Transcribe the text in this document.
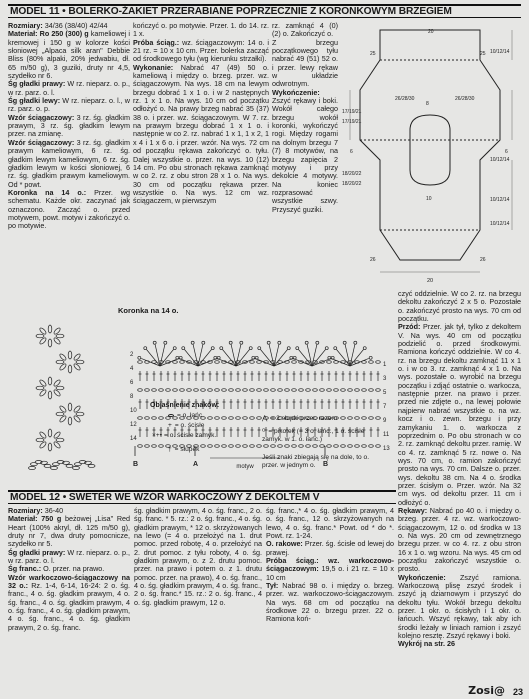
MODEL 11 • BOLERKO-ŻAKIET PRZERABIANE POPRZECZNIE Z KORONKOWYM BRZEGIEM

Rozmiary: 34/36 (38/40) 42/44

Materiał: Ro 250 (300) g kameliowej i kremowej i 150 g w kolorze kości słoniowej „Alpaca silk aran" Debbie Bliss (80% alpaki, 20% jedwabiu, dł. 65 m/50 g), 3 guziki, druty nr 4,5, szydełko nr 6.

Śg gładki prawy: W rz. nieparz. o. p., w rz. parz. o. l.

Śg gładki lewy: W rz. nieparz. o. l., w rz. parz. o. p.

Wzór ściągaczowy: 3 rz. śg. gładkim prawym, 3 rz. śg. gładkim lewym przer. na zmianę.

Wzór ściągaczowy: 3 rz. śg. gładkim prawym kameliowym, 6 rz. śg. gładkim lewym kameliowym, 6 rz. śg. gładkim lewym w kości słoniowej, 6 rz. śg. gładkim prawym kameliowym. Od * powt.

Koronka na 14 o.: Przer. wg schematu. Każde okr. zaczynać jak oznaczono. Zacząć o. przed motywem, powt. motyw i zakończyć o. po motywie.

kończyć o. po motywie. Przer. 1. do 14. rz. 1 x.

Próba ściąg.: wz. ściągaczowym: 14 o. i 21 rz. = 10 x 10 cm. Przer. bolerka zacząć od środkowego tyłu (wg kierunku strzałki).

Wykonanie: Nabrać 47 (49) 50 o. kameliową i między o. brzeg. przer. wz. ściągaczowym. Na wys. 18 cm na lewym brzegu dobrać 1 x 1 o. i w 2 następnych rz. 1 x 1 o. Na wys. 10 cm od początku odłożyć o. Na prawy brzeg nabrać 35 (37) 38 o. i przer. wz. ściągaczowym. W 7. rz. na prawym brzegu dobrać 1 x 1 o. i następnie w co 2. rz. nabrać 1 x 1, 1 x 2, 1 x 4 i 1 x 6 o. i przer. wzór. Na wys. 72 cm od początku rękawa zakończyć o. tyłu. Dalej wszystkie o. przer. na wys. 10 (12) 14 cm. Po obu stronach rękawa zamknąć w co 2. rz. z obu stron 28 x 1 o. Na wys. 30 cm od początku rękawa przer. wszystkie o. Na wys. 12 cm wz. ściągaczem, w pierwszym

rz. zamknąć 4 (0) (2) o. Zakończyć o.

Z brzegu początkowego tyłu nabrać 49 (51) 52 o. i przer. lewy rękaw w układzie odwrotnym.

Wykończenie: Zszyć rękawy i boki. Wokół całego brzegu wokół koronki, wykończyć rogi. Między rogami na dolnym brzegu 7 (7) 8 motywów, na brzegu zapięcia 2 motywy i przy dekolcie 4 motywy. Na koniec rozprasować wszystkie szwy. Przyszyć guziki.

20
10/12/14
10/12/14
10/12/14
10/12/14
17/19/21
17/19/21
18/20/22
18/20/22
25	25
26	26
26/28/30	26/28/30
6	6
8
10
20
Koronka na 14 o.
14
12
10
8
6
4
2
13
11
9
7
5
3
1
motyw
B	A	B
Objaśnienie znaków:
= o. łańc.
+ = o. ścisłe
×+• = o. ścisłe zamyk.
† = słupek
⋀ = 2 słupki przer. razem
ᴼ = pikotek (= 3 o. łańc., 1 o. ścisłe zamyk. w 1. o. łańc.)
Jeśli znaki zbiegają się na dole, to o. przer. w jednym o.

czyć oddzielnie. W co 2. rz. na brzegu dekoltu zakończyć 2 x 5 o. Pozostałe o. zakończyć prosto na wys. 70 cm od początku.

Przód: Przer. jak tył, tylko z dekoltem V. Na wys. 40 cm od początku podzielić o. przed środkowymi. Ramiona kończyć oddzielnie. W co 4. rz. na brzegu dekoltu zamknąć 11 x 1 o. i w co 3. rz. zamknąć 4 x 1 o. Na wys. pozostałe o. wyrobić na brzegu początku i zdjąć ostatnie o. warkocza, następnie przer. na prawo i przer. przed nie zdjęte o., na lewej połowie najpierw nabrać wszystkie o. na wz. kocz i o. zewn. brzegu i przy zamykaniu 1. o. warkocza z poprzednim o. Po obu stronach w co 2. rz. zamknąć dekoltu przer. ramię. W co 4. rz. zamknąć 5 rz. nowe o. Na wys. 70 cm, o. ramion zakończyć prosto na wys. 70 cm. Dalsze o. przer. wys. dekoltu 38 cm. Na 4 o. środka przer. ścisłym o. Przer. wzór. Na 32 cm wys. od dekoltu przer. 11 cm i odłożyć o.

Rękawy: Nabrać po 40 o. i między o. brzeg. przer. 4 rz. wz. warkoczowo-ściągaczowym, 12 o. od środka w 13 o. Na wys. 20 cm od zewnętrznego brzegu przer. w co 4. rz. z obu stron 16 x 1 o. wg wzoru. Na wys. 45 cm od początku zakończyć wszystkie o. prosto.

Wykończenie: Zszyć ramiona. Warkoczową plisę zszyć środek i zszyć ją dziarnowym i przyszyć do dekoltu tyłu. Wokół brzegu dekoltu przer. 1 okr. o. ścisłych i 1 okr. o. łańcuch. Wszyć rękawy, tak aby ich środki leżały w liniach ramion i zszyć kolejno resztę. Zszyć rękawy i boki.

Wykrój na str. 26

MODEL 12 • SWETER WE WZÓR WARKOCZOWY Z DEKOLTEM V

Rozmiary: 36-40

Materiał: 750 g beżowej „Lisa" Red Heart (100% akryl, dł. 125 m/50 g), druty nr 7, dwa druty pomocnicze, szydełko nr 5.

Śg gładki prawy: W rz. nieparz. o. p., w rz. parz. o. l.

Śg franc.: O. przer. na prawo.

Wzór warkoczowo-ściągaczowy na 32 o.: Rz. 1-4, 6-14, 16-24: 2 o. śg. franc., 4 o. śg. gładkim prawym, 4 o. śg. franc., 4 o. śg. gładkim prawym, 4 o. śg. franc., 4 o. śg. gładkim prawym, 4 o. śg. franc., 4 o. śg. gładkim prawym, 2 o. śg. franc.

śg. gładkim prawym, 4 o. śg. franc., 2 o. śg. franc. * 5. rz.: 2 o. śg. franc., 4 o. śg. gładkim prawym, * 12 o. skrzyżowanych na lewo (= 4 o. przełożyć na 1. drut pomoc. przed robotę, 4 o. przełożyć na 2. drut pomoc. z tyłu roboty, 4 o. śg. gładkim prawym, o. z 2. drutu pomoc. przer. na prawo i potem o. z 1. drutu pomoc. przer. na prawo), 4 o. śg. franc., 4 o. śg. gładkim prawym, 4 o. śg. franc., 2 o. śg. franc.* 15. rz.: 2 o. śg. franc., 4 o. śg. gładkim prawym, 12 o.

śg. franc.,* 4 o. śg. gładkim prawym, 4 o. śg. franc., 12 o. skrzyżowanych na lewo, 4 o. śg. franc.* Powt. od * do *. Powt. rz. 1-24.

O. rakowe: Przer. śg. ścisłe od lewej do prawej.

Próba ściąg.: wz. warkoczowo-ściągaczowym: 19,5 o. i 21 rz. = 10 x 10 cm

Tył: Nabrać 98 o. i między o. brzeg. przer. wz. warkoczowo-ściągaczowym. Na wys. 68 cm od początku na środkowe 22 o. brzegu przer. 22 o. Ramiona koń-

Zosi@ 23
